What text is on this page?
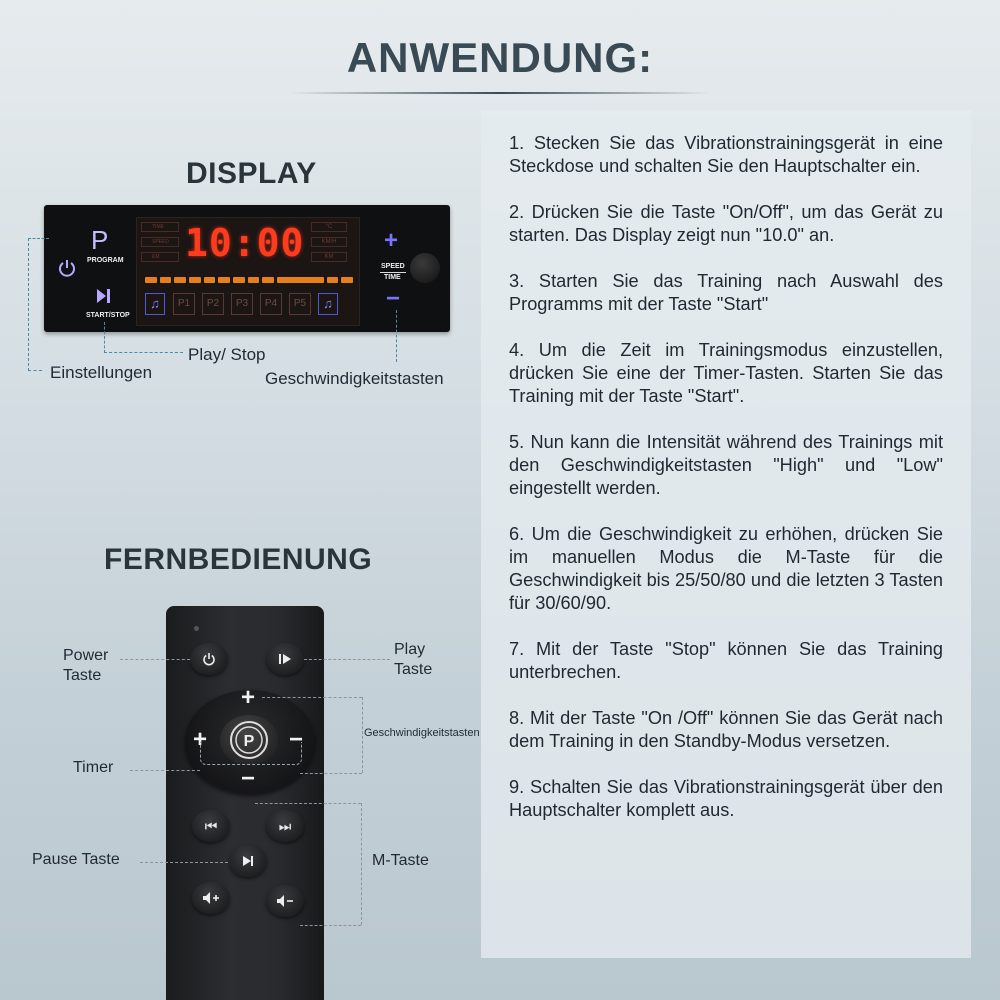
ANWENDUNG:
DISPLAY
P
PROGRAM
START/STOP
TIME
SPEED
KM 10:00	°C
KM/H
KM
♫	P1	P2	P3	P4	P5	♫
+
SPEED
TIME
−
Einstellungen
Play/ Stop
Geschwindigkeitstasten
FERNBEDIENUNG
+
+	−
−
P
⏮	⏭
Power
Taste
Play
Taste
Geschwindigkeitstasten
Timer
Pause Taste	M-Taste

1. Stecken Sie das Vibrationstrainingsgerät in eine Steckdose und schalten Sie den Hauptschalter ein.

2. Drücken Sie die Taste "On/Off", um das Gerät zu starten. Das Display zeigt nun "10.0" an.

3. Starten Sie das Training nach Auswahl des Programms mit der Taste "Start"

4. Um die Zeit im Trainingsmodus einzustellen, drücken Sie eine der Timer-Tasten. Starten Sie das Training mit der Taste "Start".

5. Nun kann die Intensität während des Trainings mit den Geschwindigkeitstasten "High" und "Low" eingestellt werden.

6. Um die Geschwindigkeit zu erhöhen, drücken Sie im manuellen Modus die M-Taste für die Geschwindigkeit bis 25/50/80 und die letzten 3 Tasten für 30/60/90.

7. Mit der Taste "Stop" können Sie das Training unterbrechen.

8. Mit der Taste "On /Off" können Sie das Gerät nach dem Training in den Standby-Modus versetzen.

9. Schalten Sie das Vibrationstrainingsgerät über den Hauptschalter komplett aus.
